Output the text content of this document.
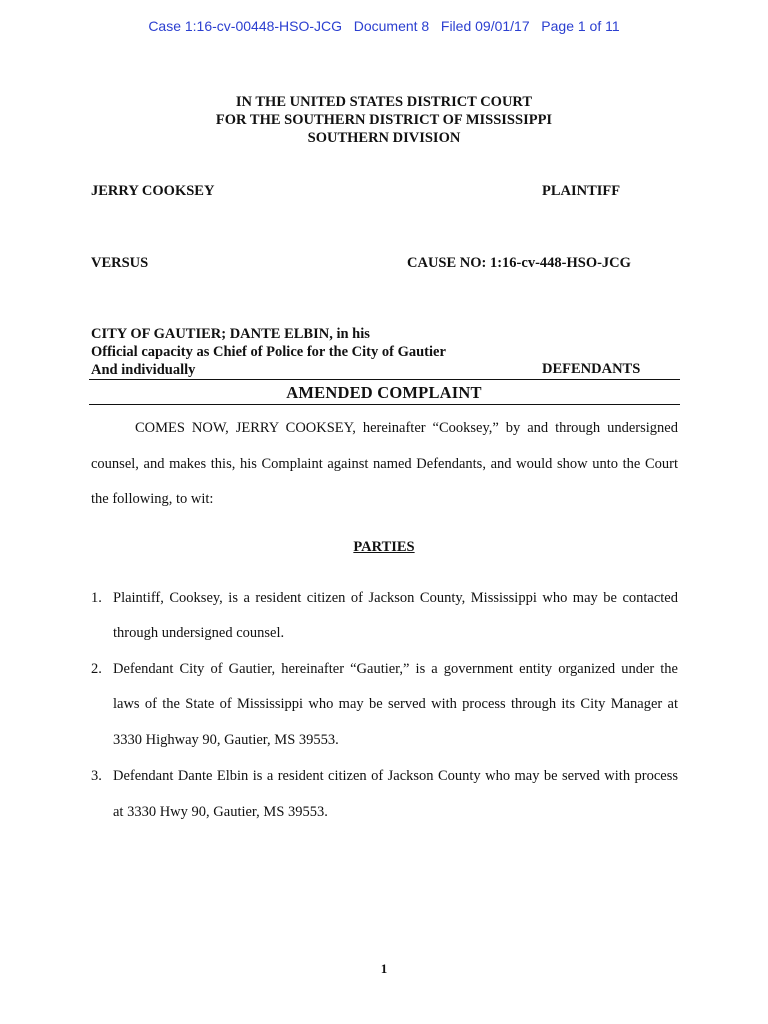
Case 1:16-cv-00448-HSO-JCG Document 8 Filed 09/01/17 Page 1 of 11
IN THE UNITED STATES DISTRICT COURT
FOR THE SOUTHERN DISTRICT OF MISSISSIPPI
SOUTHERN DIVISION
JERRY COOKSEY	PLAINTIFF
VERSUS	CAUSE NO: 1:16-cv-448-HSO-JCG
CITY OF GAUTIER; DANTE ELBIN, in his
Official capacity as Chief of Police for the City of Gautier
And individually	DEFENDANTS
AMENDED COMPLAINT
COMES NOW, JERRY COOKSEY, hereinafter “Cooksey,” by and through undersigned
counsel, and makes this, his Complaint against named Defendants, and would show unto the Court
the following, to wit:
PARTIES
1. Plaintiff, Cooksey, is a resident citizen of Jackson County, Mississippi who may be contacted
through undersigned counsel.
2. Defendant City of Gautier, hereinafter “Gautier,” is a government entity organized under the
laws of the State of Mississippi who may be served with process through its City Manager at
3330 Highway 90, Gautier, MS 39553.
3. Defendant Dante Elbin is a resident citizen of Jackson County who may be served with process
at 3330 Hwy 90, Gautier, MS 39553.
1
